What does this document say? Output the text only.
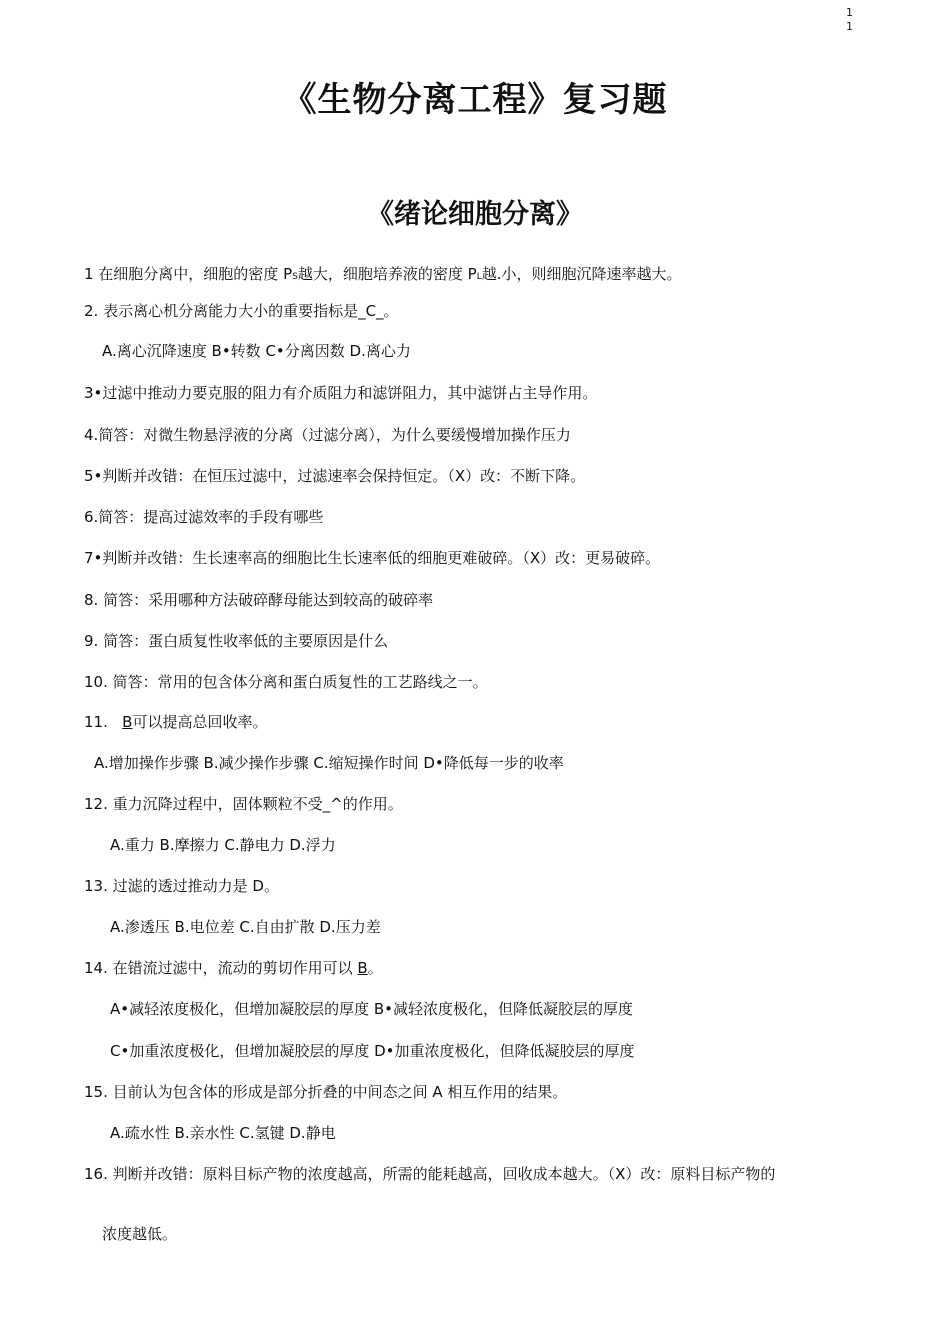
1
1
《生物分离工程》复习题
《绪论细胞分离》
1 在细胞分离中，细胞的密度 PS越大，细胞培养液的密度 PL越.小，则细胞沉降速率越大。
2. 表示离心机分离能力大小的重要指标是_C_。
A.离心沉降速度 B•转数 C•分离因数 D.离心力
3•过滤中推动力要克服的阻力有介质阻力和滤饼阻力，其中滤饼占主导作用。
4.简答：对微生物悬浮液的分离（过滤分离），为什么要缓慢增加操作压力
5•判断并改错：在恒压过滤中，过滤速率会保持恒定。（X）改：不断下降。
6.简答：提高过滤效率的手段有哪些
7•判断并改错：生长速率高的细胞比生长速率低的细胞更难破碎。（X）改：更易破碎。
8. 简答：采用哪种方法破碎酵母能达到较高的破碎率
9. 简答：蛋白质复性收率低的主要原因是什么
10. 简答：常用的包含体分离和蛋白质复性的工艺路线之一。
11.   B可以提高总回收率。
A.增加操作步骤 B.减少操作步骤 C.缩短操作时间 D•降低每一步的收率
12. 重力沉降过程中，固体颗粒不受_^的作用。
A.重力 B.摩擦力 C.静电力 D.浮力
13. 过滤的透过推动力是 D。
A.渗透压 B.电位差 C.自由扩散 D.压力差
14. 在错流过滤中，流动的剪切作用可以 B。
A•减轻浓度极化，但增加凝胶层的厚度 B•减轻浓度极化，但降低凝胶层的厚度
C•加重浓度极化，但增加凝胶层的厚度 D•加重浓度极化，但降低凝胶层的厚度
15. 目前认为包含体的形成是部分折叠的中间态之间 A 相互作用的结果。
A.疏水性 B.亲水性 C.氢键 D.静电
16. 判断并改错：原料目标产物的浓度越高，所需的能耗越高，回收成本越大。（X）改：原料目标产物的
浓度越低。
